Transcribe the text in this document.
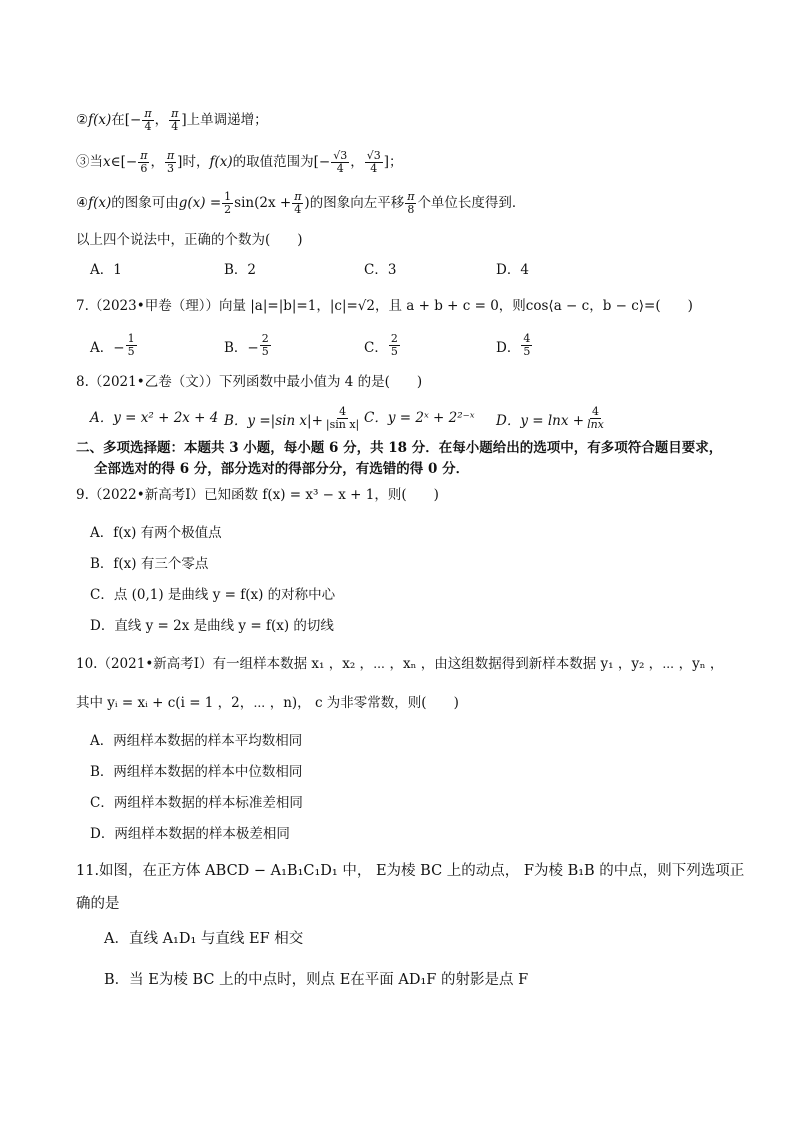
②f(x)在[− $\frac{\pi}{4}$ ， $\frac{\pi}{4}$ ]上单调递增；
③当x∈[− $\frac{\pi}{6}$ ， $\frac{\pi}{3}$ ]时，f(x)的取值范围为[− $\frac{√3}{4}$ ， $\frac{√3}{4}$ ]；
④f(x)的图象可由$g(x) = \frac{1}{2} \sin(2x + \frac{\pi}{4}$ )的图象向左平移 $\frac{\pi}{8}$ 个单位长度得到．
以上四个说法中，正确的个数为(　　)
A．1	B．2	C．3	D．4
7.（2023•甲卷（理））向量 |a|=|b|=1，|c|=√2，且 a + b + c = 0，则cos⟨a − c，b − c⟩=(　　)
A．− $\frac{1}{5}$	B．− $\frac{2}{5}$	C． $\frac{2}{5}$	D． $\frac{4}{5}$
8.（2021•乙卷（文））下列函数中最小值为 4 的是(　　)
A．y = x² + 2x + 4 B．y =|sin $x|+ \frac{4}{\text{|sin x|}}$ C．y = 2ˣ + 2²⁻ˣ D．$y = \ln x + \frac{4}{\ln x}$
二、多项选择题：本题共 3 小题，每小题 6 分，共 18 分．在每小题给出的选项中，有多项符合题目要求，
全部选对的得 6 分，部分选对的得部分分，有选错的得 0 分．
9.（2022•新高考Ⅰ）已知函数 f(x) = x³ − x + 1，则(　　)
A．f(x) 有两个极值点
B．f(x) 有三个零点
C．点 (0,1) 是曲线 y = f(x) 的对称中心
D．直线 y = 2x 是曲线 y = f(x) 的切线
10.（2021•新高考Ⅰ）有一组样本数据 x₁ ，x₂ ，⋯ ，xₙ ，由这组数据得到新样本数据 y₁ ，y₂ ，⋯ ，yₙ ，
其中 yᵢ = xᵢ + c(i = 1 ，2，⋯ ，n)， c 为非零常数，则(　　)
A．两组样本数据的样本平均数相同
B．两组样本数据的样本中位数相同
C．两组样本数据的样本标准差相同
D．两组样本数据的样本极差相同
11.如图，在正方体 ABCD − A₁B₁C₁D₁ 中， E为棱 BC 上的动点， F为棱 B₁B 的中点，则下列选项正
确的是
A．直线 A₁D₁ 与直线 EF 相交
B．当 E为棱 BC 上的中点时，则点 E在平面 AD₁F 的射影是点 F
